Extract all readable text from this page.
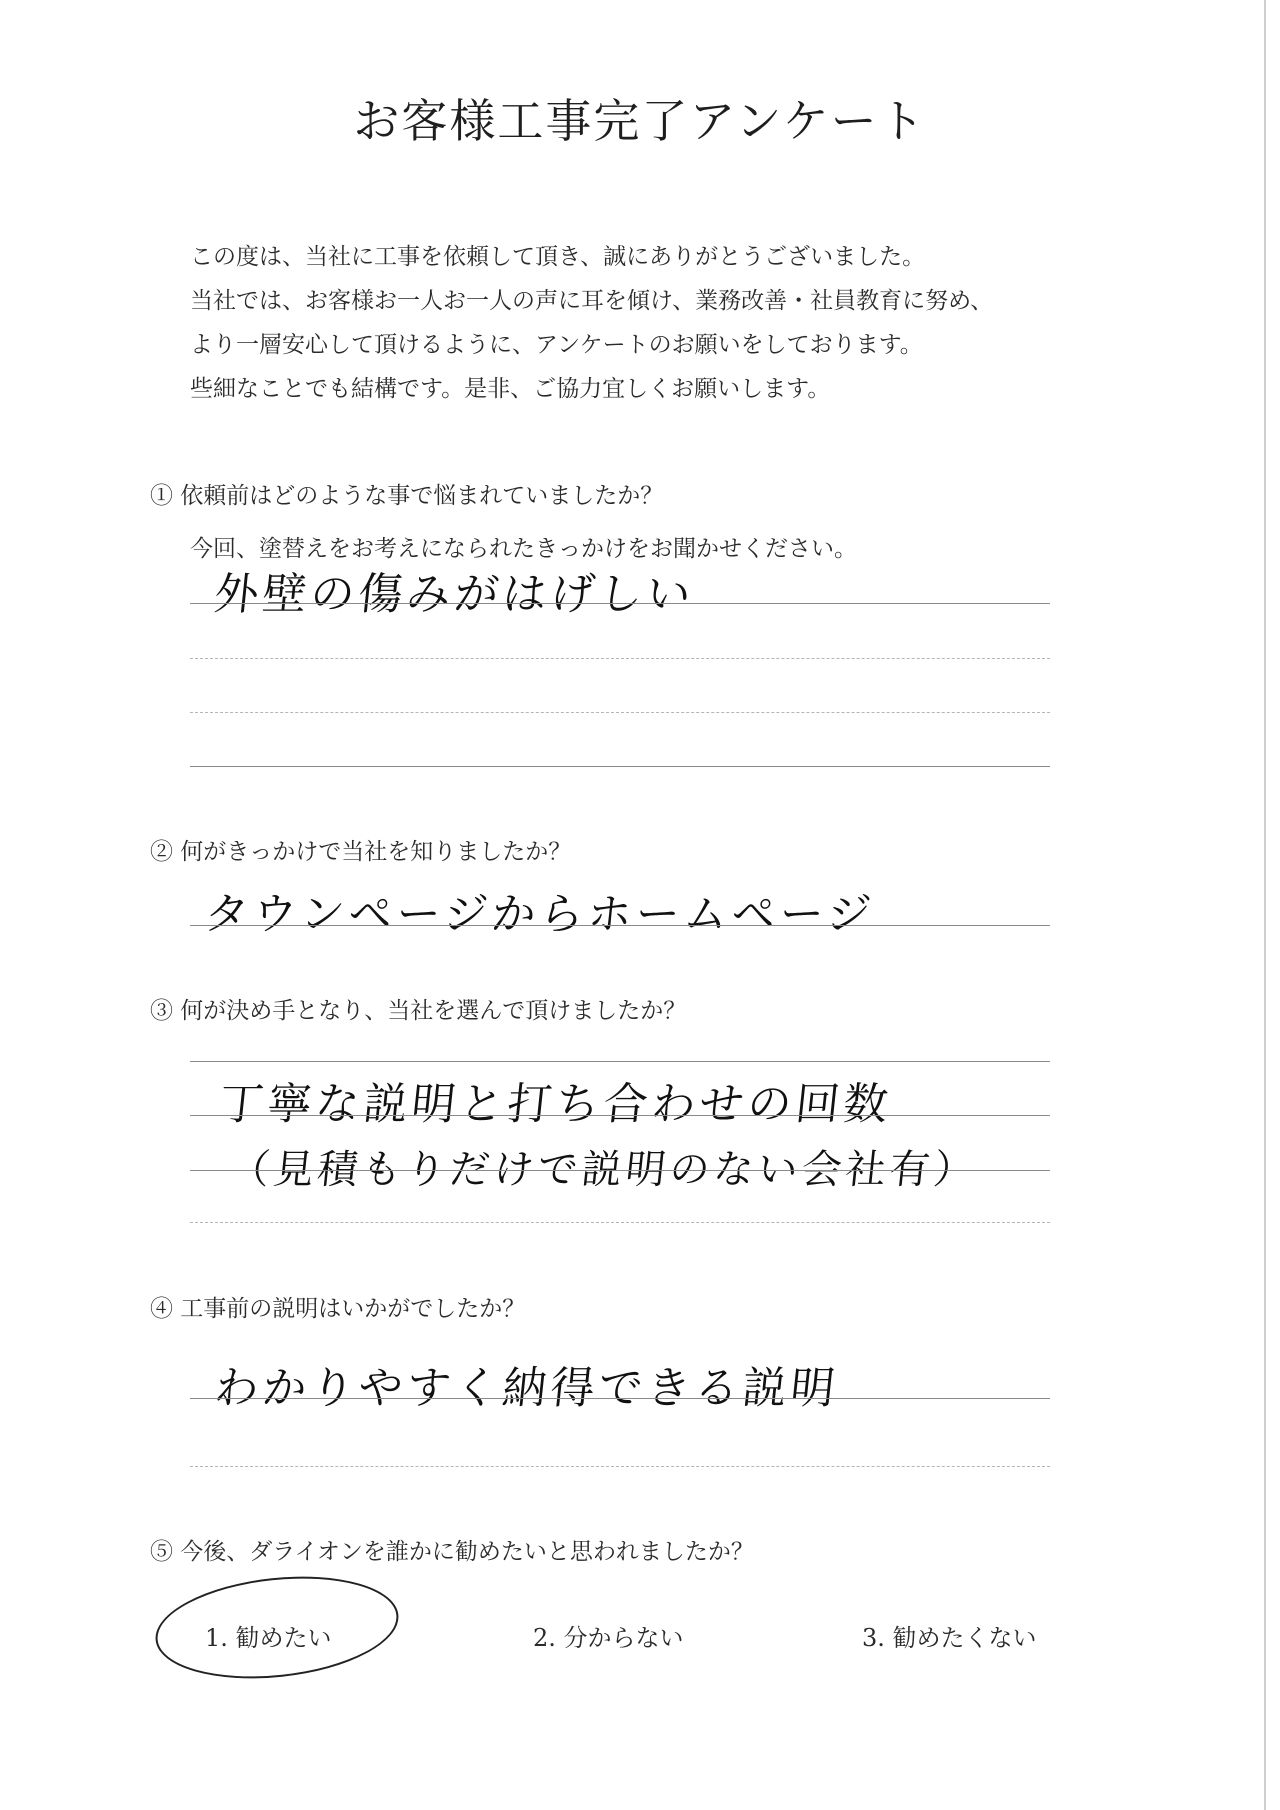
お客様工事完了アンケート
この度は、当社に工事を依頼して頂き、誠にありがとうございました。
当社では、お客様お一人お一人の声に耳を傾け、業務改善・社員教育に努め、
より一層安心して頂けるように、アンケートのお願いをしております。
些細なことでも結構です。是非、ご協力宜しくお願いします。
① 依頼前はどのような事で悩まれていましたか？
今回、塗替えをお考えになられたきっかけをお聞かせください。
外壁の傷みがはげしい
② 何がきっかけで当社を知りましたか？
タウンページからホームページ
③ 何が決め手となり、当社を選んで頂けましたか？
丁寧な説明と打ち合わせの回数
（見積もりだけで説明のない会社有）
④ 工事前の説明はいかがでしたか？
わかりやすく納得できる説明
⑤ 今後、ダライオンを誰かに勧めたいと思われましたか？
1. 勧めたい	2. 分からない	3. 勧めたくない
